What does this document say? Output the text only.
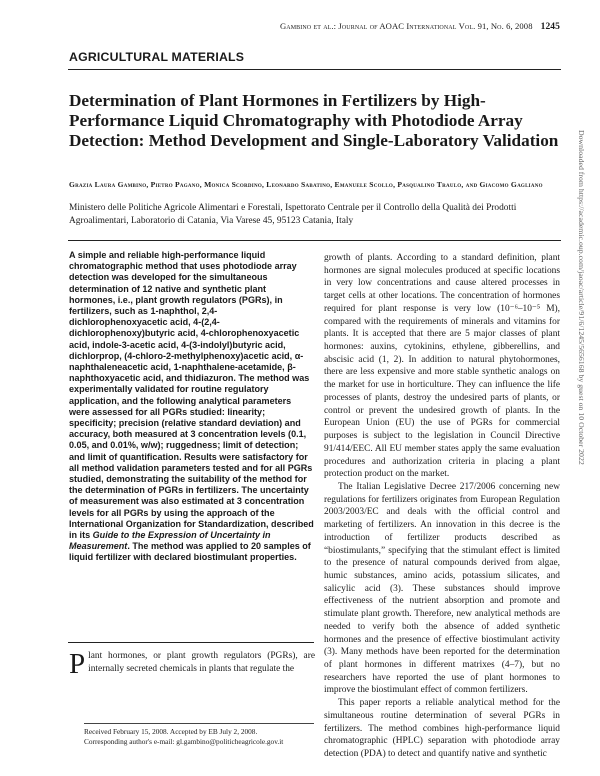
Gambino et al.: Journal of AOAC International Vol. 91, No. 6, 2008 1245
AGRICULTURAL MATERIALS
Determination of Plant Hormones in Fertilizers by High-Performance Liquid Chromatography with Photodiode Array Detection: Method Development and Single-Laboratory Validation
Grazia Laura Gambino, Pietro Pagano, Monica Scordino, Leonardo Sabatino, Emanuele Scollo, Pasqualino Traulo, and Giacomo Gagliano
Ministero delle Politiche Agricole Alimentari e Forestali, Ispettorato Centrale per il Controllo della Qualità dei Prodotti Agroalimentari, Laboratorio di Catania, Via Varese 45, 95123 Catania, Italy

A simple and reliable high-performance liquid chromatographic method that uses photodiode array detection was developed for the simultaneous determination of 12 native and synthetic plant hormones, i.e., plant growth regulators (PGRs), in fertilizers, such as 1-naphthol, 2,4-dichlorophenoxyacetic acid, 4-(2,4-dichlorophenoxy)butyric acid, 4-chlorophenoxyacetic acid, indole-3-acetic acid, 4-(3-indolyl)butyric acid, dichlorprop, (4-chloro-2-methylphenoxy)acetic acid, α-naphthaleneacetic acid, 1-naphthalene-acetamide, β-naphthoxyacetic acid, and thidiazuron. The method was experimentally validated for routine regulatory application, and the following analytical parameters were assessed for all PGRs studied: linearity; specificity; precision (relative standard deviation) and accuracy, both measured at 3 concentration levels (0.1, 0.05, and 0.01%, w/w); ruggedness; limit of detection; and limit of quantification. Results were satisfactory for all method validation parameters tested and for all PGRs studied, demonstrating the suitability of the method for the determination of PGRs in fertilizers. The uncertainty of measurement was also estimated at 3 concentration levels for all PGRs by using the approach of the International Organization for Standardization, described in its Guide to the Expression of Uncertainty in Measurement. The method was applied to 20 samples of liquid fertilizer with declared biostimulant properties.

Plant hormones, or plant growth regulators (PGRs), are internally secreted chemicals in plants that regulate the

Received February 15, 2008. Accepted by EB July 2, 2008.
Corresponding author's e-mail: gl.gambino@politicheagricole.gov.it

growth of plants. According to a standard definition, plant hormones are signal molecules produced at specific locations in very low concentrations and cause altered processes in target cells at other locations. The concentration of hormones required for plant response is very low (10⁻⁶–10⁻⁵ M), compared with the requirements of minerals and vitamins for plants. It is accepted that there are 5 major classes of plant hormones: auxins, cytokinins, ethylene, gibberellins, and abscisic acid (1, 2). In addition to natural phytohormones, there are less expensive and more stable synthetic analogs on the market for use in horticulture. They can influence the life processes of plants, destroy the undesired parts of plants, or control or prevent the undesired growth of plants. In the European Union (EU) the use of PGRs for commercial purposes is subject to the legislation in Council Directive 91/414/EEC. All EU member states apply the same evaluation procedures and authorization criteria in placing a plant protection product on the market.

The Italian Legislative Decree 217/2006 concerning new regulations for fertilizers originates from European Regulation 2003/2003/EC and deals with the official control and marketing of fertilizers. An innovation in this decree is the introduction of fertilizer products described as “biostimulants,” specifying that the stimulant effect is limited to the presence of natural compounds derived from algae, humic substances, amino acids, potassium silicates, and salicylic acid (3). These substances should improve effectiveness of the nutrient absorption and promote and stimulate plant growth. Therefore, new analytical methods are needed to verify both the absence of added synthetic hormones and the presence of effective biostimulant activity (3). Many methods have been reported for the determination of plant hormones in different matrixes (4–7), but no researchers have reported the use of plant hormones to improve the biostimulant effect of common fertilizers.

This paper reports a reliable analytical method for the simultaneous routine determination of several PGRs in fertilizers. The method combines high-performance liquid chromatographic (HPLC) separation with photodiode array detection (PDA) to detect and quantify native and synthetic

Downloaded from https://academic.oup.com/jaoac/article/91/6/1245/5656168 by guest on 10 October 2022
